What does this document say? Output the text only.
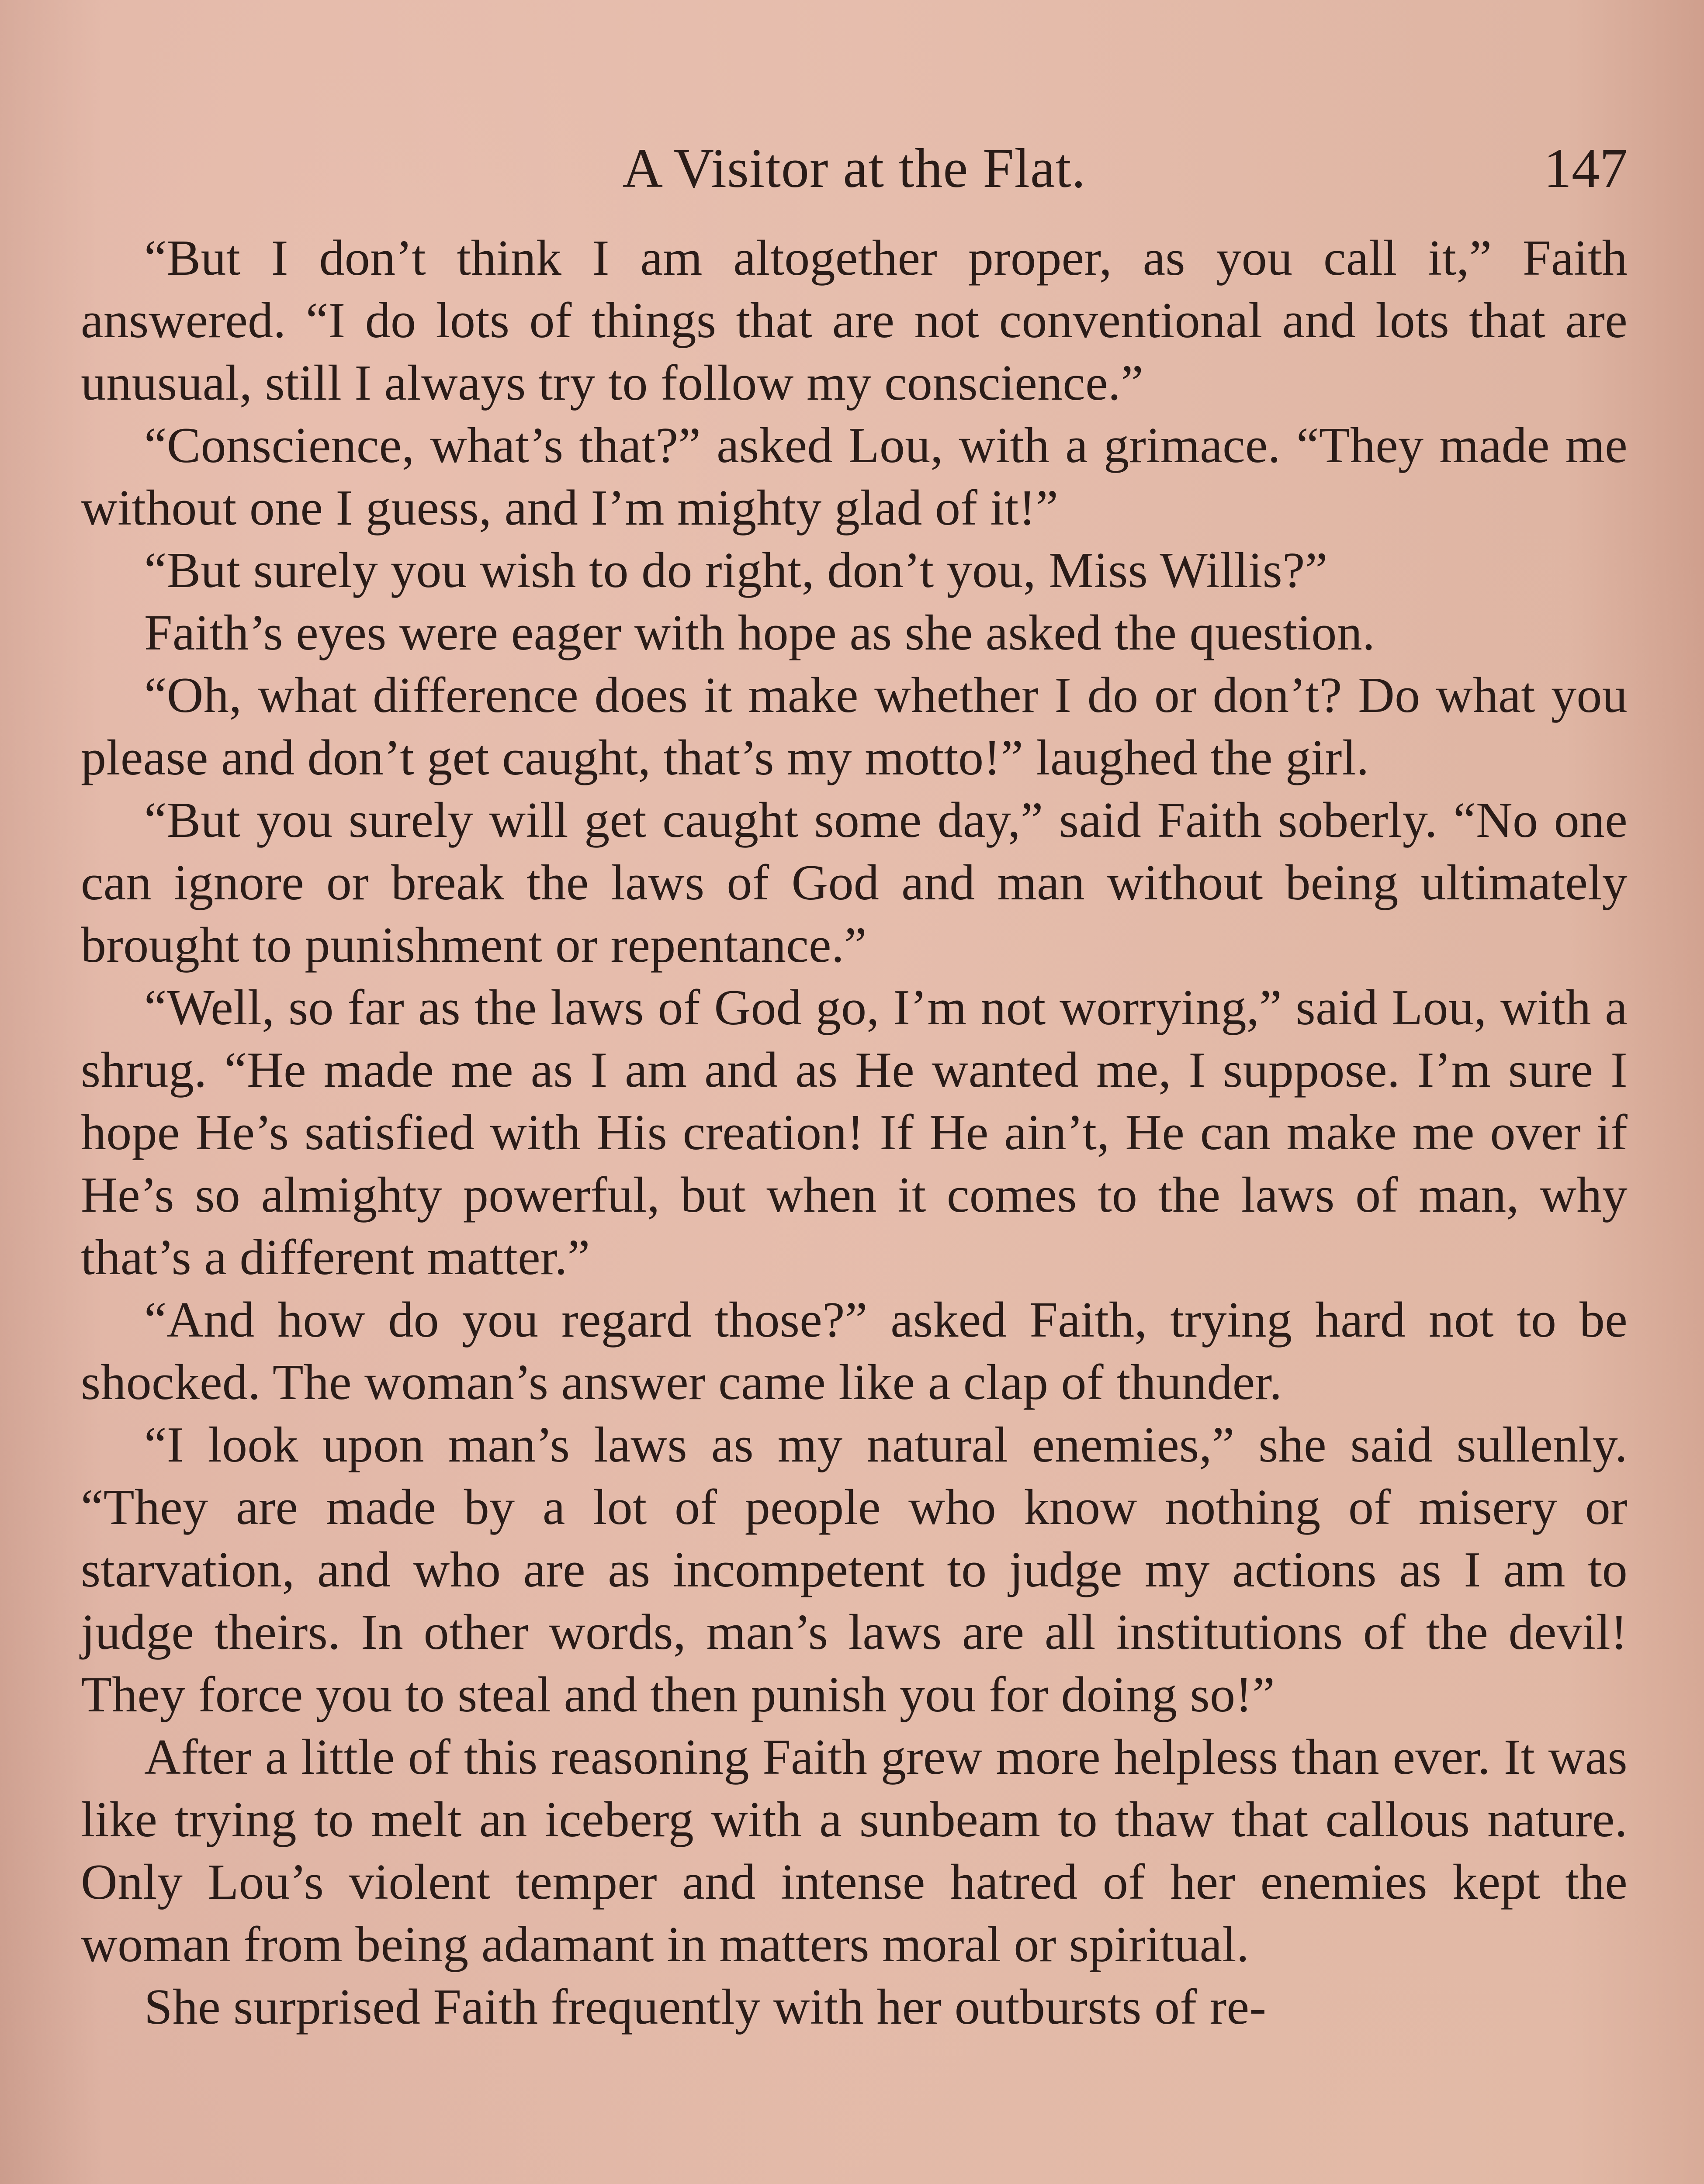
A Visitor at the Flat.	147

“But I don’t think I am altogether proper, as you call it,” Faith answered. “I do lots of things that are not conventional and lots that are unusual, still I always try to follow my conscience.”

“Conscience, what’s that?” asked Lou, with a grimace. “They made me without one I guess, and I’m mighty glad of it!”

“But surely you wish to do right, don’t you, Miss Willis?”

Faith’s eyes were eager with hope as she asked the question.

“Oh, what difference does it make whether I do or don’t? Do what you please and don’t get caught, that’s my motto!” laughed the girl.

“But you surely will get caught some day,” said Faith soberly. “No one can ignore or break the laws of God and man without being ultimately brought to punishment or repentance.”

“Well, so far as the laws of God go, I’m not worrying,” said Lou, with a shrug. “He made me as I am and as He wanted me, I suppose. I’m sure I hope He’s satisfied with His creation! If He ain’t, He can make me over if He’s so almighty powerful, but when it comes to the laws of man, why that’s a different matter.”

“And how do you regard those?” asked Faith, trying hard not to be shocked. The woman’s answer came like a clap of thunder.

“I look upon man’s laws as my natural enemies,” she said sullenly. “They are made by a lot of people who know nothing of misery or starvation, and who are as incompetent to judge my actions as I am to judge theirs. In other words, man’s laws are all institutions of the devil! They force you to steal and then punish you for doing so!”

After a little of this reasoning Faith grew more helpless than ever. It was like trying to melt an iceberg with a sunbeam to thaw that callous nature. Only Lou’s violent temper and intense hatred of her enemies kept the woman from being adamant in matters moral or spiritual.

She surprised Faith frequently with her outbursts of re-
